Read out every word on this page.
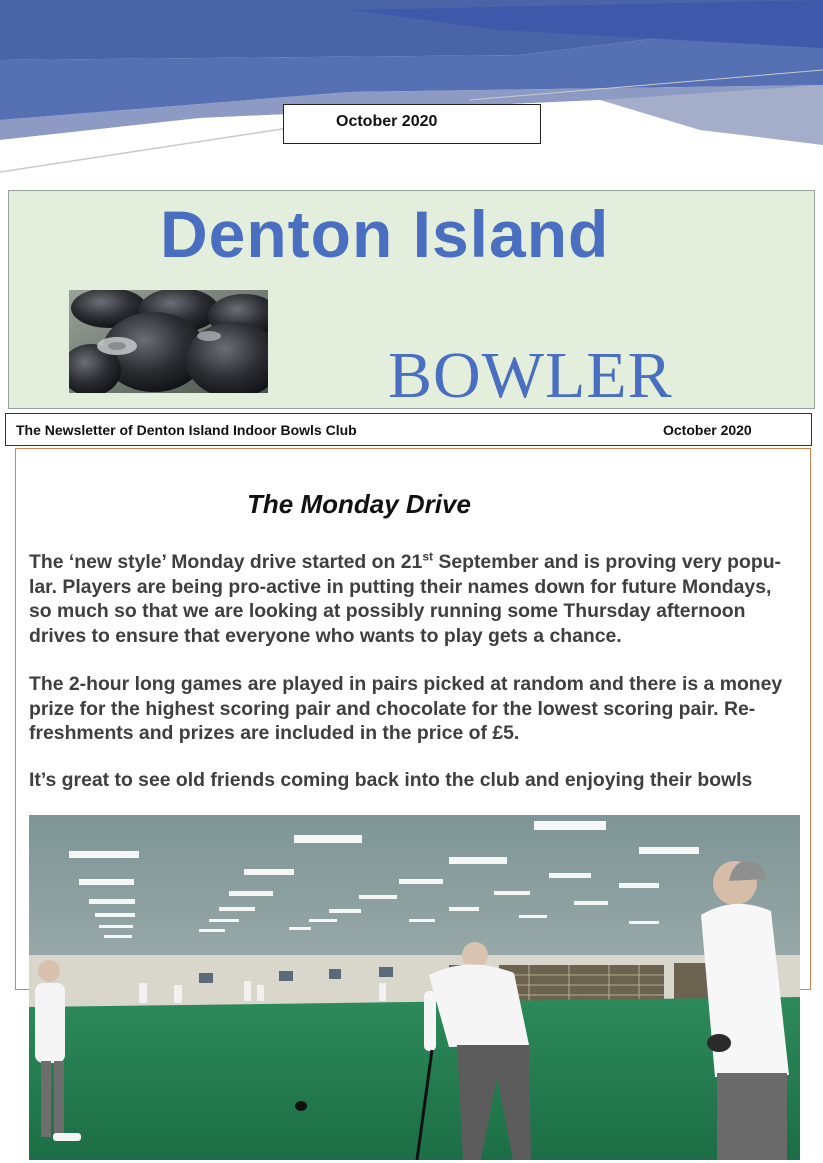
October 2020
Denton Island
BOWLER
The Newsletter of Denton Island Indoor Bowls Club	October 2020
The Monday Drive
The ‘new style’ Monday drive started on 21st September and is proving very popu-
lar. Players are being pro-active in putting their names down for future Mondays,
so much so that we are looking at possibly running some Thursday afternoon
drives to ensure that everyone who wants to play gets a chance.
The 2-hour long games are played in pairs picked at random and there is a money
prize for the highest scoring pair and chocolate for the lowest scoring pair. Re-
freshments and prizes are included in the price of £5.
It’s great to see old friends coming back into the club and enjoying their bowls
